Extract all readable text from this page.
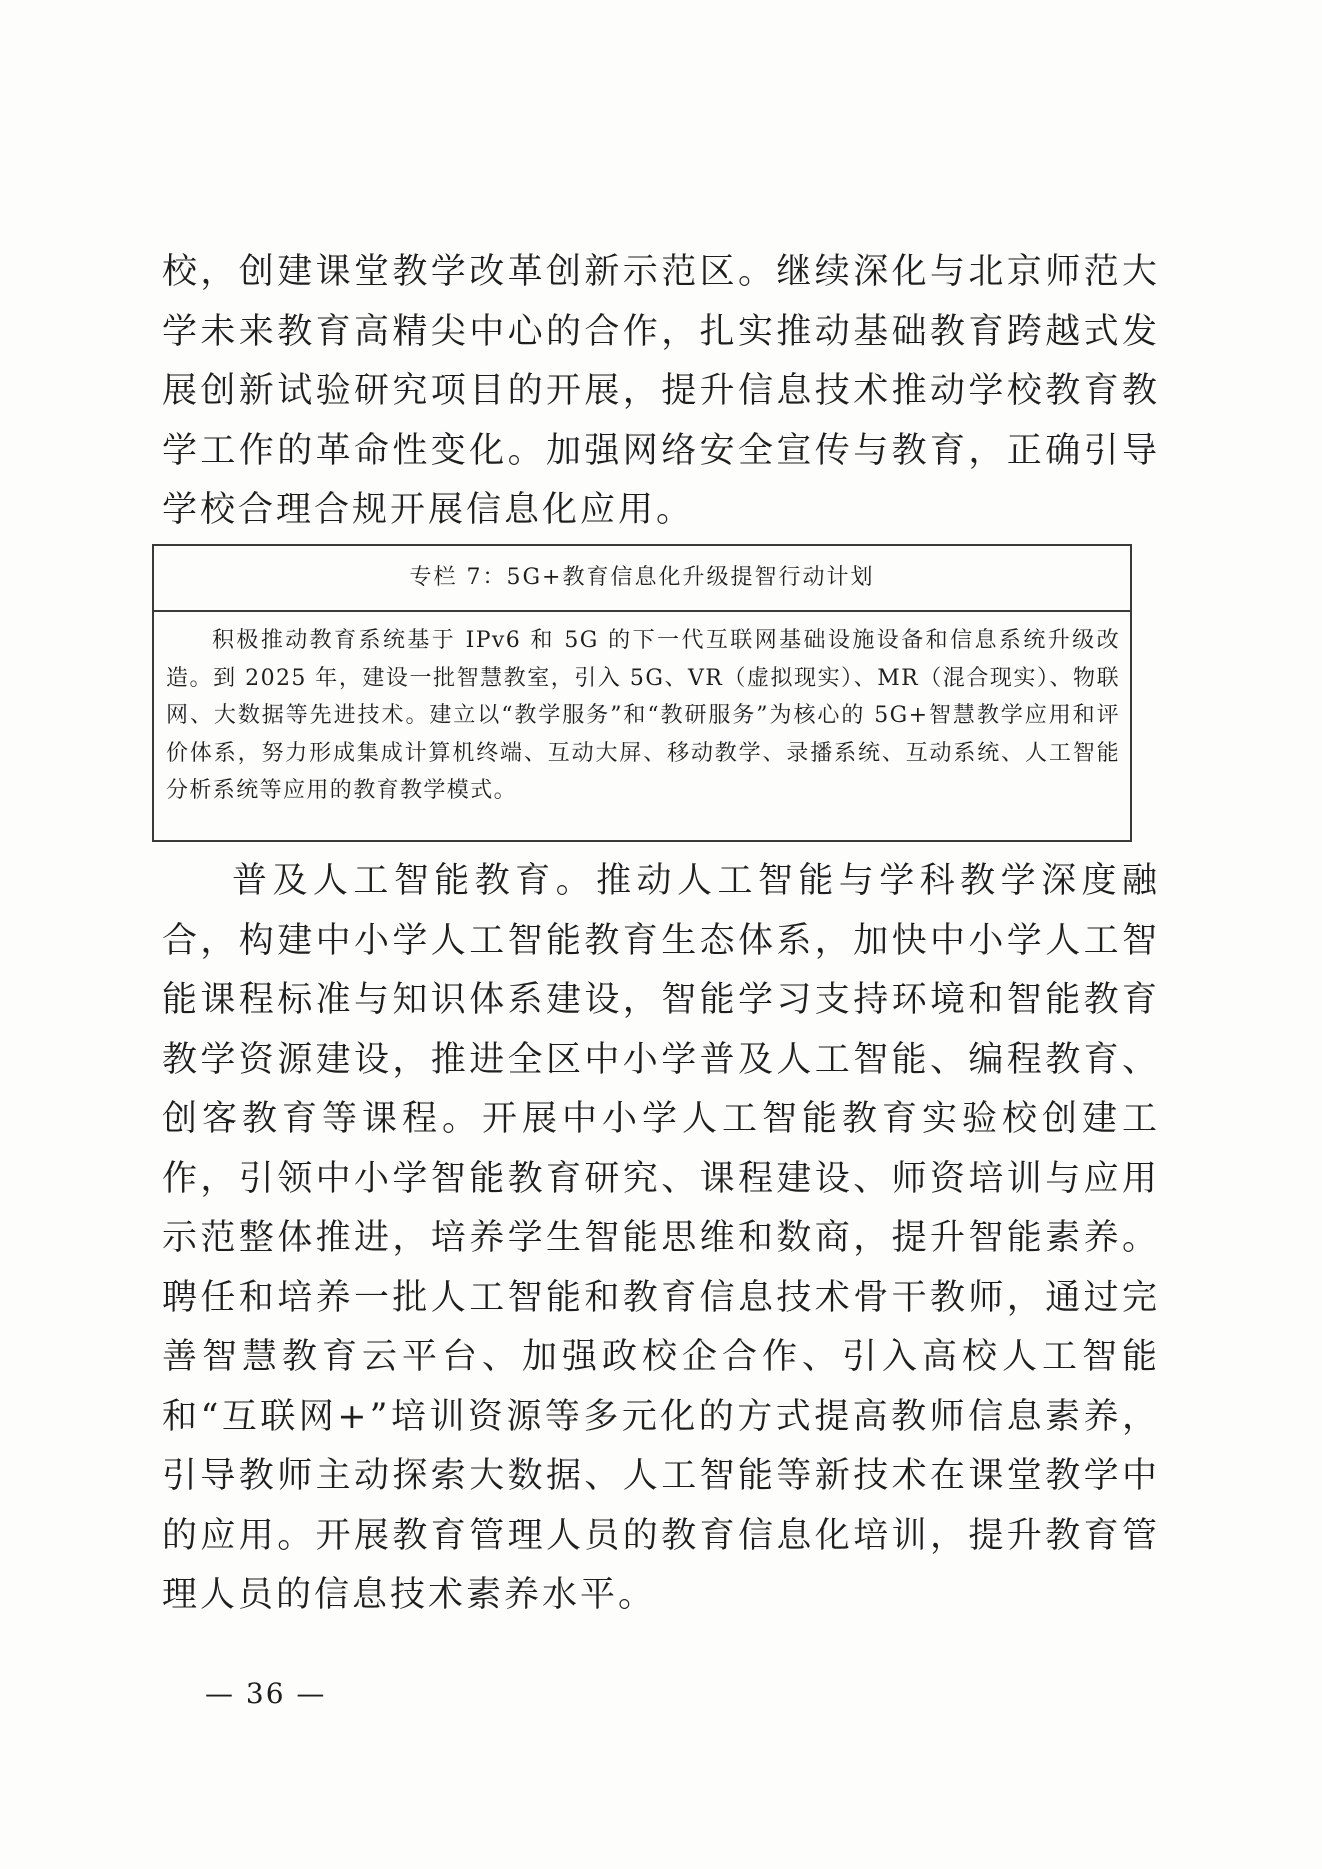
校，创建课堂教学改革创新示范区。继续深化与北京师范大学未来教育高精尖中心的合作，扎实推动基础教育跨越式发展创新试验研究项目的开展，提升信息技术推动学校教育教学工作的革命性变化。加强网络安全宣传与教育，正确引导学校合理合规开展信息化应用。

专栏 7：5G+教育信息化升级提智行动计划

积极推动教育系统基于 IPv6 和 5G 的下一代互联网基础设施设备和信息系统升级改造。到 2025 年，建设一批智慧教室，引入 5G、VR（虚拟现实）、MR（混合现实）、物联网、大数据等先进技术。建立以“教学服务”和“教研服务”为核心的 5G+智慧教学应用和评价体系，努力形成集成计算机终端、互动大屏、移动教学、录播系统、互动系统、人工智能分析系统等应用的教育教学模式。

普及人工智能教育。推动人工智能与学科教学深度融合，构建中小学人工智能教育生态体系，加快中小学人工智能课程标准与知识体系建设，智能学习支持环境和智能教育教学资源建设，推进全区中小学普及人工智能、编程教育、创客教育等课程。开展中小学人工智能教育实验校创建工作，引领中小学智能教育研究、课程建设、师资培训与应用示范整体推进，培养学生智能思维和数商，提升智能素养。聘任和培养一批人工智能和教育信息技术骨干教师，通过完善智慧教育云平台、加强政校企合作、引入高校人工智能和“互联网+”培训资源等多元化的方式提高教师信息素养，引导教师主动探索大数据、人工智能等新技术在课堂教学中的应用。开展教育管理人员的教育信息化培训，提升教育管理人员的信息技术素养水平。

— 36 —
